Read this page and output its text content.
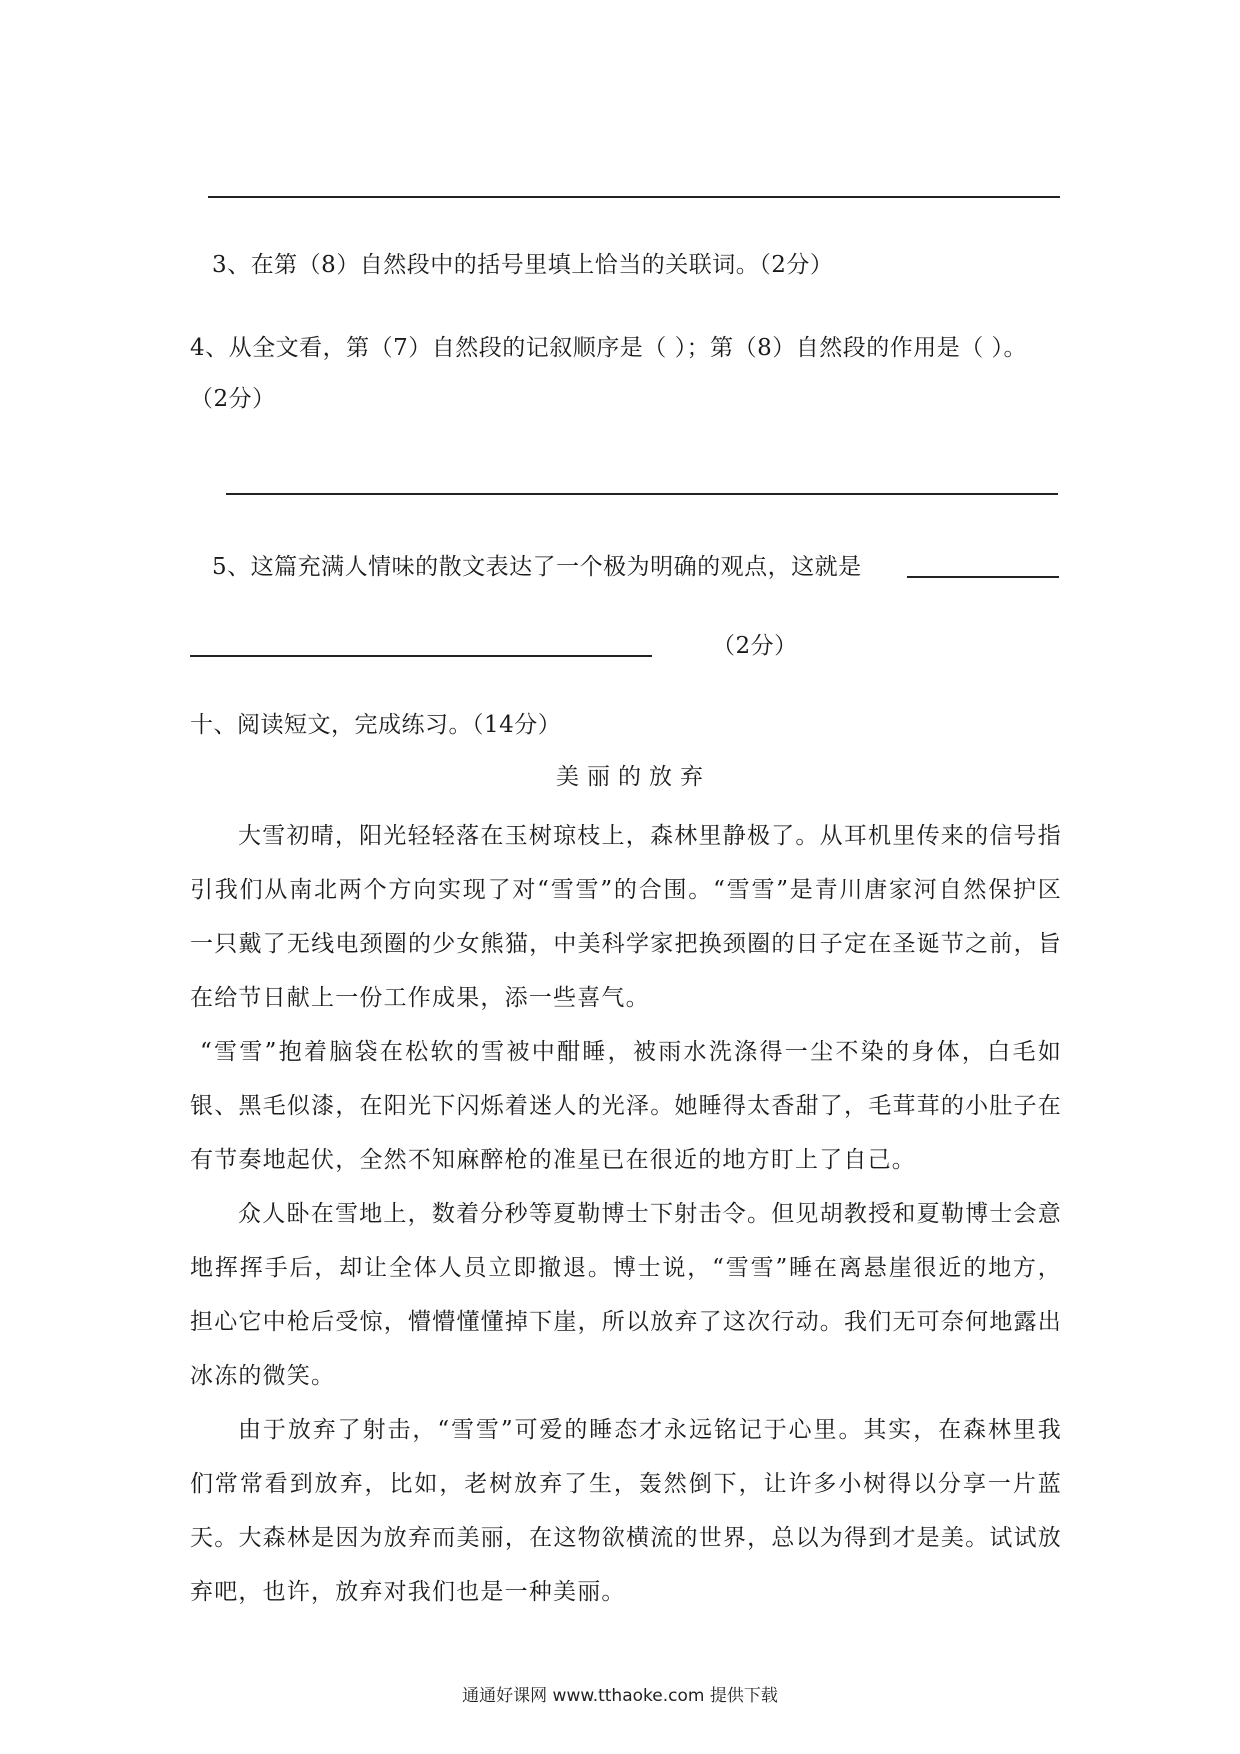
3、在第（8）自然段中的括号里填上恰当的关联词。（2分）
4、从全文看，第（7）自然段的记叙顺序是（ ）；第（8）自然段的作用是（ ）。
（2分）
5、这篇充满人情味的散文表达了一个极为明确的观点，这就是
（2分）
十、阅读短文，完成练习。（14分）
美丽的放弃
大雪初晴，阳光轻轻落在玉树琼枝上，森林里静极了。从耳机里传来的信号指引我们从南北两个方向实现了对“雪雪”的合围。“雪雪”是青川唐家河自然保护区一只戴了无线电颈圈的少女熊猫，中美科学家把换颈圈的日子定在圣诞节之前，旨在给节日献上一份工作成果，添一些喜气。
“雪雪”抱着脑袋在松软的雪被中酣睡，被雨水洗涤得一尘不染的身体，白毛如银、黑毛似漆，在阳光下闪烁着迷人的光泽。她睡得太香甜了，毛茸茸的小肚子在有节奏地起伏，全然不知麻醉枪的准星已在很近的地方盯上了自己。
众人卧在雪地上，数着分秒等夏勒博士下射击令。但见胡教授和夏勒博士会意地挥挥手后，却让全体人员立即撤退。博士说，“雪雪”睡在离悬崖很近的地方，担心它中枪后受惊，懵懵懂懂掉下崖，所以放弃了这次行动。我们无可奈何地露出冰冻的微笑。
由于放弃了射击，“雪雪”可爱的睡态才永远铭记于心里。其实，在森林里我们常常看到放弃，比如，老树放弃了生，轰然倒下，让许多小树得以分享一片蓝天。大森林是因为放弃而美丽，在这物欲横流的世界，总以为得到才是美。试试放弃吧，也许，放弃对我们也是一种美丽。
通通好课网 www.tthaoke.com 提供下载
